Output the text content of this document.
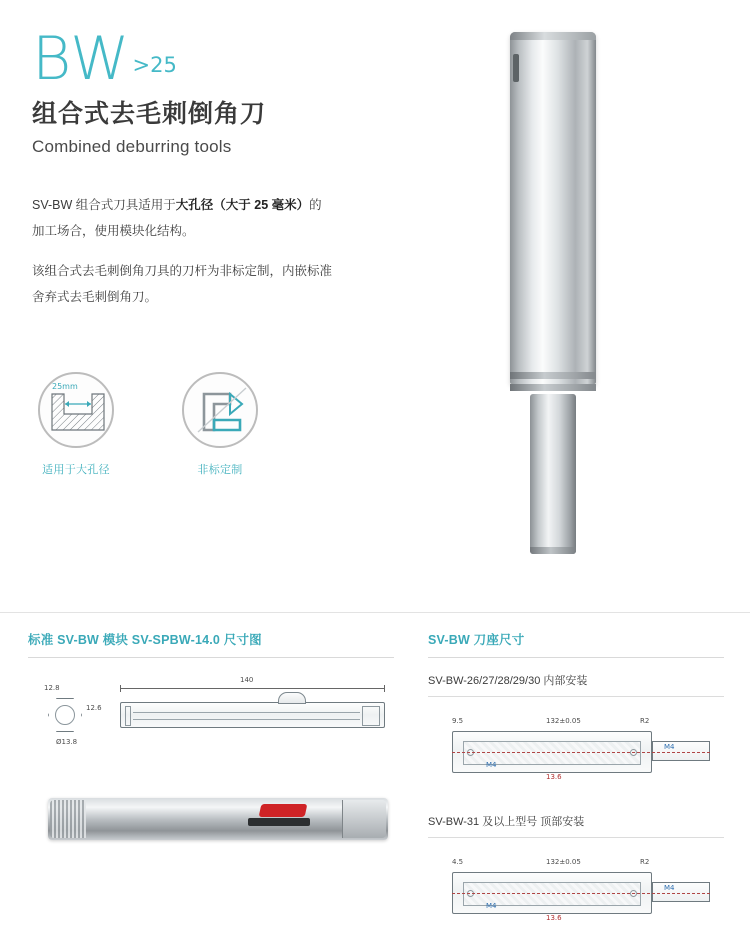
BW >25
组合式去毛刺倒角刀
Combined deburring tools

SV-BW 组合式刀具适用于大孔径（大于 25 毫米）的
加工场合，使用模块化结构。

该组合式去毛刺倒角刀具的刀杆为非标定制，内嵌标准
舍弃式去毛刺倒角刀。

25mm
适用于大孔径	非标定制
标准 SV-BW 模块 SV-SPBW-14.0 尺寸图
12.8
12.6
Ø13.8
140
SV-BW 刀座尺寸
SV-BW-26/27/28/29/30 内部安装
9.5	132±0.05	R2
M4
M4
13.6
SV-BW-31 及以上型号 顶部安装
4.5	132±0.05	R2
M4
M4
13.6
